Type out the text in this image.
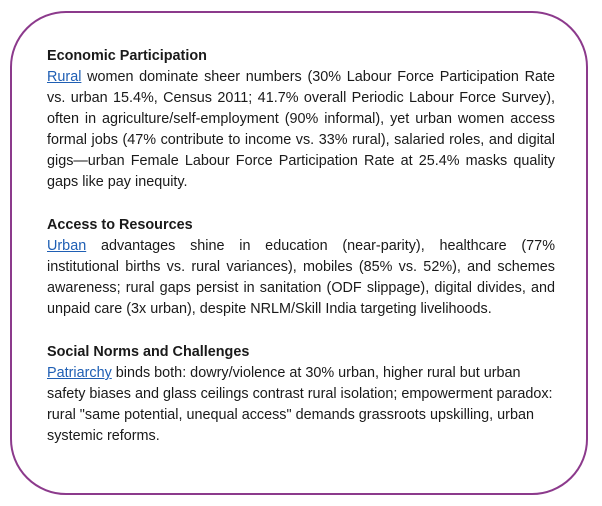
Economic Participation

Rural women dominate sheer numbers (30% Labour Force Participation Rate vs. urban 15.4%, Census 2011; 41.7% overall Periodic Labour Force Survey), often in agriculture/self-employment (90% informal), yet urban women access formal jobs (47% contribute to income vs. 33% rural), salaried roles, and digital gigs—urban Female Labour Force Participation Rate at 25.4% masks quality gaps like pay inequity.

Access to Resources

Urban advantages shine in education (near-parity), healthcare (77% institutional births vs. rural variances), mobiles (85% vs. 52%), and schemes awareness; rural gaps persist in sanitation (ODF slippage), digital divides, and unpaid care (3x urban), despite NRLM/Skill India targeting livelihoods.

Social Norms and Challenges

Patriarchy binds both: dowry/violence at 30% urban, higher rural but urban safety biases and glass ceilings contrast rural isolation; empowerment paradox: rural "same potential, unequal access" demands grassroots upskilling, urban systemic reforms.
